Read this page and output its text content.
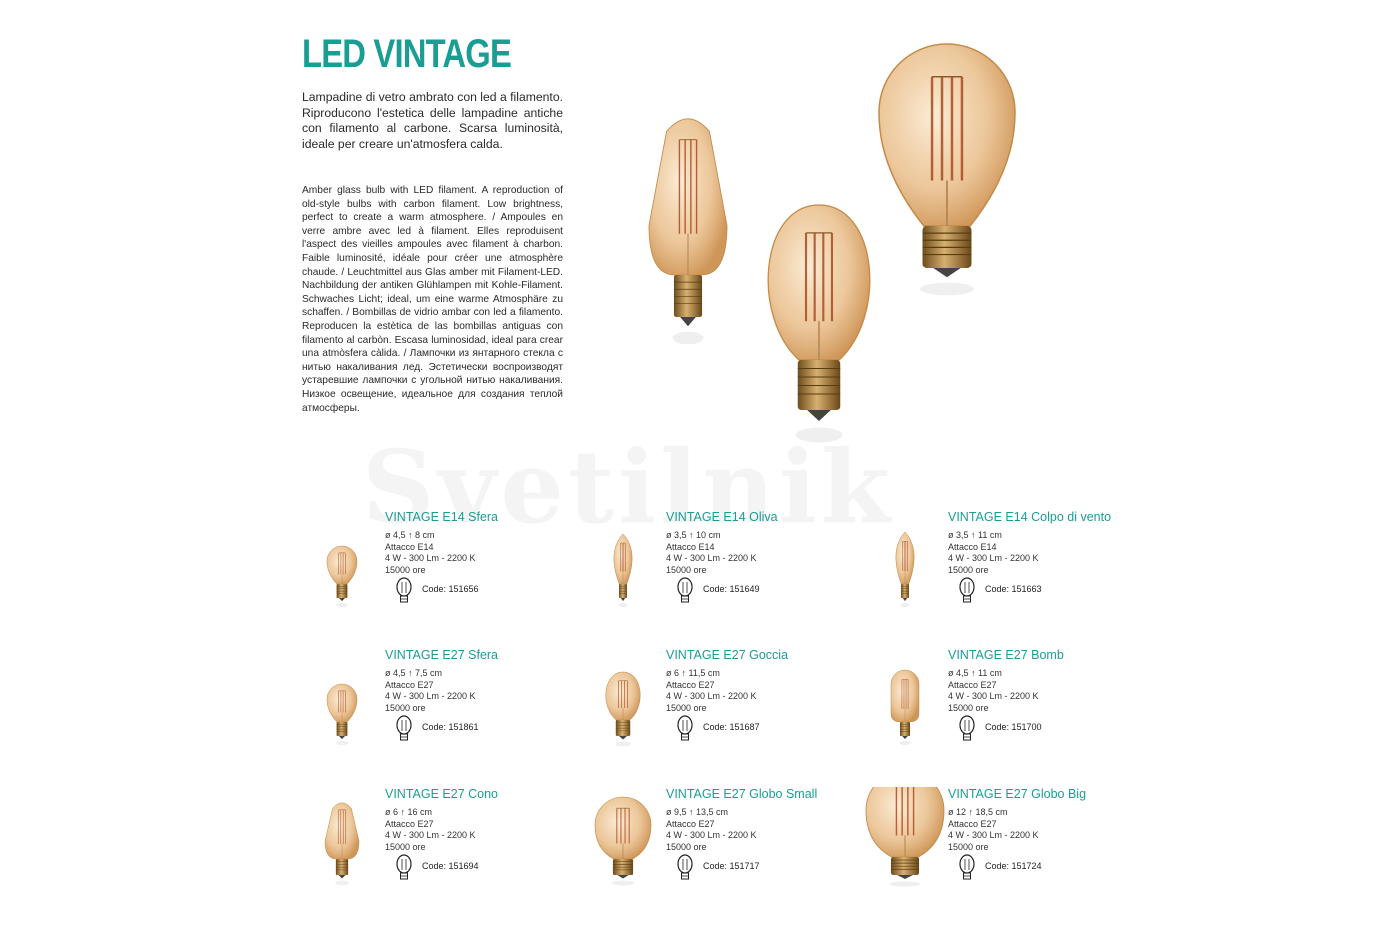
LED VINTAGE

Lampadine di vetro ambrato con led a filamento. Riproducono l'estetica delle lampadine antiche con filamento al carbone. Scarsa luminosità, ideale per creare un'atmosfera calda.

Amber glass bulb with LED filament. A reproduction of old-style bulbs with carbon filament. Low brightness, perfect to create a warm atmosphere. / Ampoules en verre ambre avec led à filament. Elles reproduisent l'aspect des vieilles ampoules avec filament à charbon. Faible luminosité, idéale pour créer une atmosphère chaude. / Leuchtmittel aus Glas amber mit Filament-LED. Nachbildung der antiken Glühlampen mit Kohle-Filament. Schwaches Licht; ideal, um eine warme Atmosphäre zu schaffen. / Bombillas de vidrio ambar con led a filamento. Reproducen la estètica de las bombillas antiguas con filamento al carbòn. Escasa luminosidad, ideal para crear una atmòsfera càlida. / Лампочки из янтарного стекла с нитью накаливания лед. Эстетически воспроизводят устаревшие лампочки с угольной нитью накаливания. Низкое освещение, идеальное для создания теплой атмосферы.

VINTAGE E14 Sfera
ø 4,5 ↑ 8 cm
Attacco E14
4 W - 300 Lm - 2200 K
15000 ore
Code: 151656
VINTAGE E14 Oliva
ø 3,5 ↑ 10 cm
Attacco E14
4 W - 300 Lm - 2200 K
15000 ore
Code: 151649
VINTAGE E14 Colpo di vento
ø 3,5 ↑ 11 cm
Attacco E14
4 W - 300 Lm - 2200 K
15000 ore
Code: 151663
VINTAGE E27 Sfera
ø 4,5 ↑ 7,5 cm
Attacco E27
4 W - 300 Lm - 2200 K
15000 ore
Code: 151861
VINTAGE E27 Goccia
ø 6 ↑ 11,5 cm
Attacco E27
4 W - 300 Lm - 2200 K
15000 ore
Code: 151687
VINTAGE E27 Bomb
ø 4,5 ↑ 11 cm
Attacco E27
4 W - 300 Lm - 2200 K
15000 ore
Code: 151700
VINTAGE E27 Cono
ø 6 ↑ 16 cm
Attacco E27
4 W - 300 Lm - 2200 K
15000 ore
Code: 151694
VINTAGE E27 Globo Small
ø 9,5 ↑ 13,5 cm
Attacco E27
4 W - 300 Lm - 2200 K
15000 ore
Code: 151717
VINTAGE E27 Globo Big
ø 12 ↑ 18,5 cm
Attacco E27
4 W - 300 Lm - 2200 K
15000 ore
Code: 151724
